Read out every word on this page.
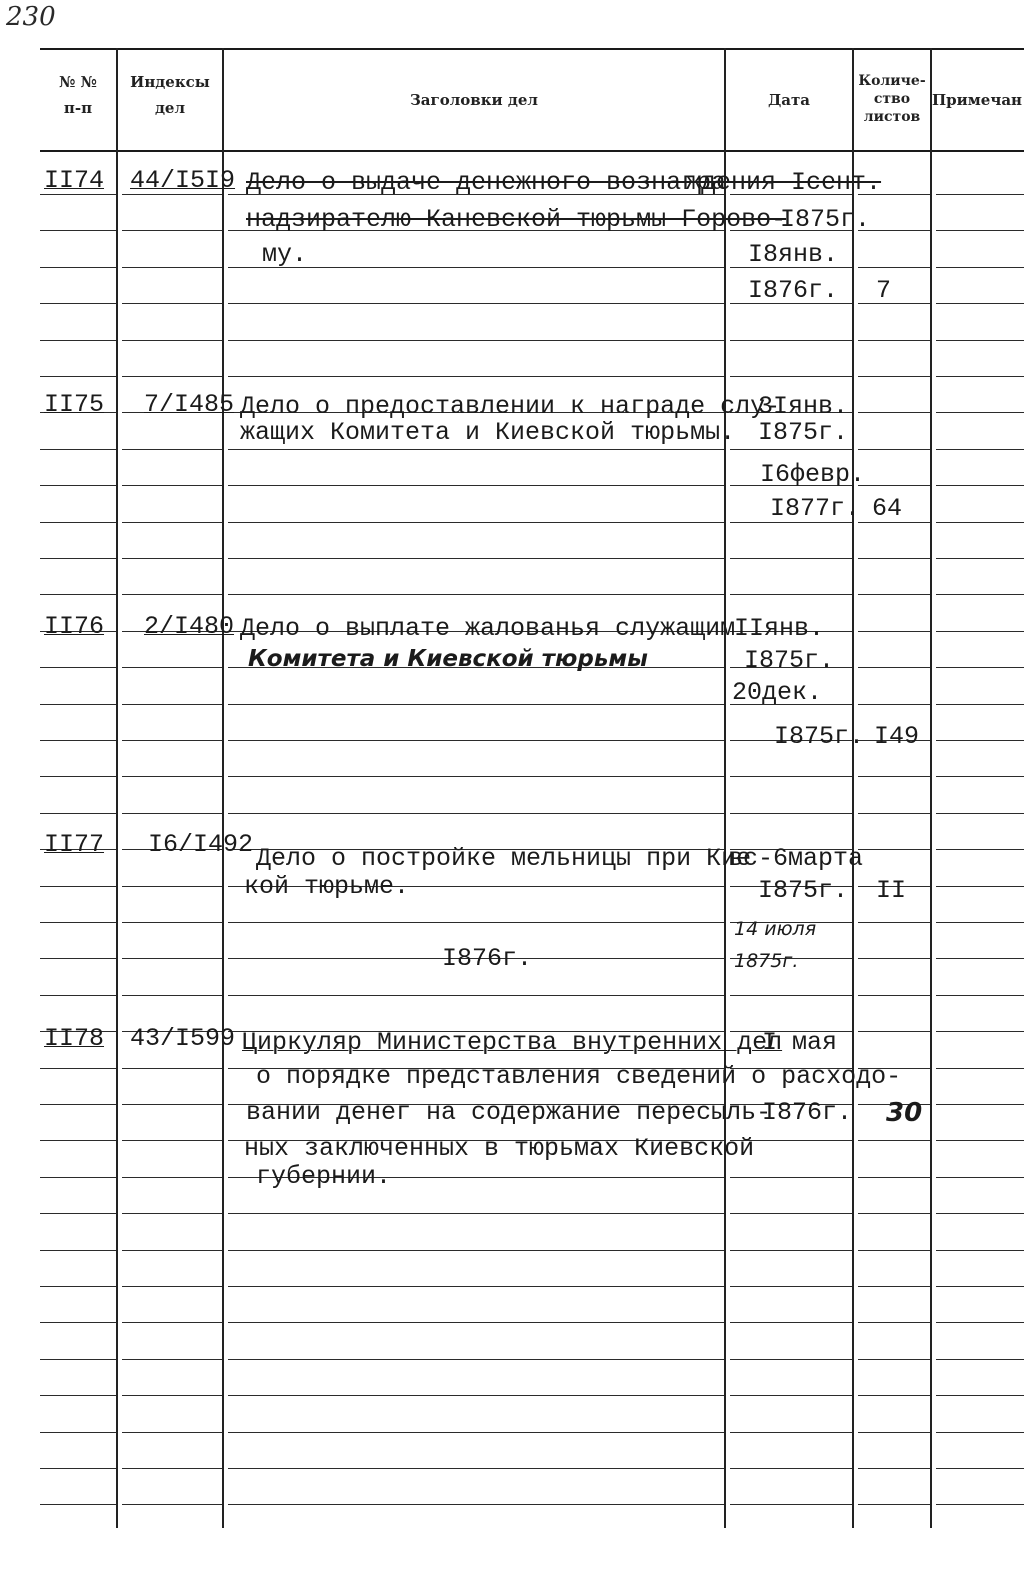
230
№ №
п-п
Индексы
дел	Заголовки дел	Дата
Количе-
ство
листов
Примечан
II74 44/I5I9 Дело о выдаче денежного вознагра
надзирателю Каневской тюрьмы Горово-
му.
ждения Iсент.
I875г.
I8янв.
I876г. 7
II75 7/I485 Дело о предоставлении к награде слу-
жащих Комитета и Киевской тюрьмы.
3Iянв.
I875г.
I6февр.
I877г. 64
II76 2/I480 Дело о выплате жалованья служащим
Комитета и Киевской тюрьмы
IIянв.
I875г.
20дек.
I875г. I49
II77 I6/I492 Дело о постройке мельницы при Кие
кой тюрьме.
I876г.
вс-6марта
I875г.
14 июля
1875г.
II
II78 43/I599 Циркуляр Министерства внутренних дел
о порядке представления сведений о расходо-
вании денег на содержание пересыль-
ных заключенных в тюрьмах Киевской
губернии.
I мая
I876г. 30
